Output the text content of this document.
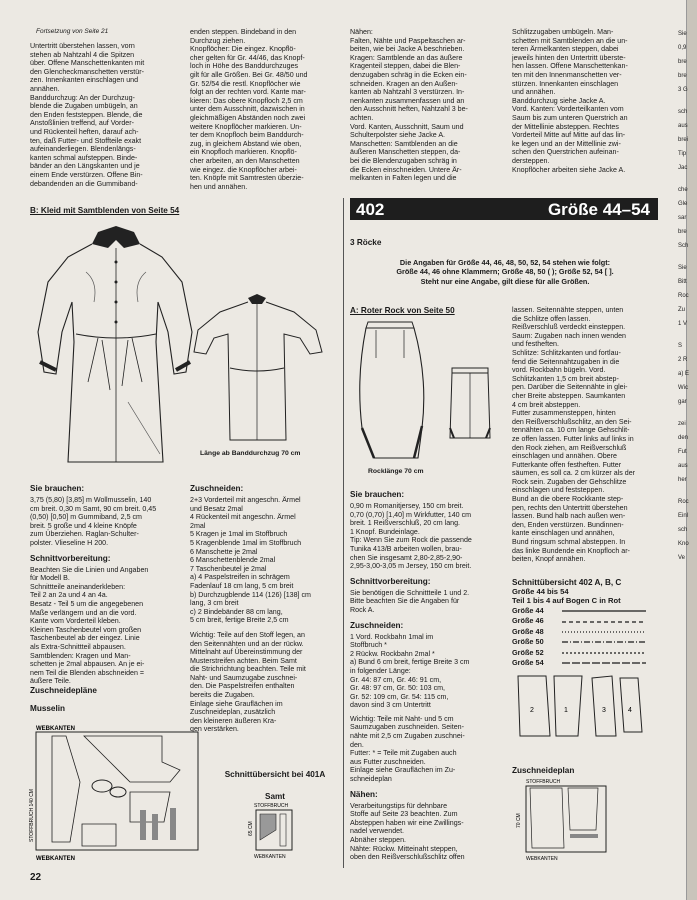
Fortsetzung von Seite 21

Untertritt überstehen lassen, vorn

stehen ab Nahtzahl 4 die Spitzen

über. Offene Manschettenkanten mit

den Glencheckmanschetten verstür-

zen. Innenkanten einschlagen und

annähen.

Banddurchzug: An der Durchzug-

blende die Zugaben umbügeln, an

den Enden feststeppen. Blende, die

Anstoßlinien treffend, auf Vorder-

und Rückenteil heften, darauf ach-

ten, daß Futter- und Stoffteile exakt

aufeinanderliegen. Blendenlängs-

kanten schmal aufsteppen. Binde-

bänder an den Längskanten und je

einem Ende verstürzen. Offene Bin-

debandenden an die Gummiband-

enden steppen. Bindeband in den

Durchzug ziehen.

Knopflöcher: Die eingez. Knopflö-

cher gelten für Gr. 44/46, das Knopf-

loch in Höhe des Banddurchzuges

gilt für alle Größen. Bei Gr. 48/50 und

Gr. 52/54 die restl. Knopflöcher wie

folgt an der rechten vord. Kante mar-

kieren: Das obere Knopfloch 2,5 cm

unter dem Ausschnitt, dazwischen in

gleichmäßigen Abständen noch zwei

weitere Knopflöcher markieren. Un-

ter dem Knopfloch beim Banddurch-

zug, in gleichem Abstand wie oben,

ein Knopfloch markieren. Knopflö-

cher arbeiten, an den Manschetten

wie eingez. die Knopflöcher arbei-

ten. Knöpfe mit Samtresten überzie-

hen und annähen.

Nähen:

Falten, Nähte und Paspeltaschen ar-

beiten, wie bei Jacke A beschrieben.

Kragen: Samtblende an das äußere

Kragenteil steppen, dabei die Blen-

denzugaben schräg in die Ecken ein-

schneiden. Kragen an den Außen-

kanten ab Nahtzahl 3 verstürzen. In-

nenkanten zusammenfassen und an

den Ausschnitt heften, Nahtzahl 3 be-

achten.

Vord. Kanten, Ausschnitt, Saum und

Schulterpolster siehe Jacke A.

Manschetten: Samtblenden an die

äußeren Manschetten steppen, da-

bei die Blendenzugaben schräg in

die Ecken einschneiden. Untere Är-

melkanten in Falten legen und die

Schlitzzugaben umbügeln. Man-

schetten mit Samtblenden an die un-

teren Ärmelkanten steppen, dabei

jeweils hinten den Untertritt überste-

hen lassen. Offene Manschettenkan-

ten mit den Innenmanschetten ver-

stürzen. Innenkanten einschlagen

und annähen.

Banddurchzug siehe Jacke A.

Vord. Kanten: Vorderteilkanten vom

Saum bis zum unteren Querstrich an

der Mittellinie absteppen. Rechtes

Vorderteil Mitte auf Mitte auf das lin-

ke legen und an der Mittellinie zwi-

schen den Querstrichen aufeinan-

dersteppen.

Knopflöcher arbeiten siehe Jacke A.

B: Kleid mit Samtblenden von Seite 54
Länge ab Banddurchzug 70 cm
Sie brauchen:

3,75 (5,80) [3,85] m Wollmusselin, 140

cm breit. 0,30 m Samt, 90 cm breit. 0,45

(0,50) [0,50] m Gummiband, 2,5 cm

breit. 5 große und 4 kleine Knöpfe

zum Überziehen. Raglan-Schulter-

polster. Vlieseline H 200.

Schnittvorbereitung:

Beachten Sie die Linien und Angaben

für Modell B.

Schnittteile aneinanderkleben:

Teil 2 an 2a und 4 an 4a.

Besatz - Teil 5 um die angegebenen

Maße verlängern und an die vord.

Kante vom Vorderteil kleben.

Kleinen Taschenbeutel vom großen

Taschenbeutel ab der eingez. Linie

als Extra-Schnittteil abpausen.

Samtblenden: Kragen und Man-

schetten je 2mal abpausen. An je ei-

nem Teil die Blenden abschneiden =

äußere Teile.

Zuschneiden:

2+3 Vorderteil mit angeschn. Ärmel

und Besatz 2mal

4 Rückenteil mit angeschn. Ärmel

2mal

5 Kragen je 1mal im Stoffbruch

5 Kragenblende 1mal im Stoffbruch

6 Manschette je 2mal

6 Manschettenblende 2mal

7 Taschenbeutel je 2mal

a) 4 Paspelstreifen in schrägem

Fadenlauf 18 cm lang, 5 cm breit

b) Durchzugblende 114 (126) [138] cm

lang, 3 cm breit

c) 2 Bindebänder 88 cm lang,

5 cm breit, fertige Breite 2,5 cm

Wichtig: Teile auf den Stoff legen, an

den Seitennähten und an der rückw.

Mittelnaht auf Übereinstimmung der

Musterstreifen achten. Beim Samt

die Strichrichtung beachten. Teile mit

Naht- und Saumzugabe zuschnei-

den. Die Paspelstreifen enthalten

bereits die Zugaben.

Einlage siehe Grauflächen im

Zuschneideplan, zusätzlich

den kleineren äußeren Kra-

gen verstärken.

Zuschneidepläne
Musselin
WEBKANTEN
STOFFBRUCH 140 CM
WEBKANTEN
Schnittübersicht bei 401A
Samt
STOFFBRUCH
65 CM
WEBKANTEN
402	Größe 44–54
3 Röcke

Die Angaben für Größe 44, 46, 48, 50, 52, 54 stehen wie folgt:

Größe 44, 46 ohne Klammern; Größe 48, 50 ( ); Größe 52, 54 [ ].

Steht nur eine Angabe, gilt diese für alle Größen.

A: Roter Rock von Seite 50
Rocklänge 70 cm
Sie brauchen:

0,90 m Romanitjersey, 150 cm breit.

0,70 (0,70) [1,40] m Wirkfutter, 140 cm

breit. 1 Reißverschluß, 20 cm lang.

1 Knopf. Bundeinlage.

Tip: Wenn Sie zum Rock die passende

Tunika 413/B arbeiten wollen, brau-

chen Sie insgesamt 2,80-2,85-2,90-

2,95-3,00-3,05 m Jersey, 150 cm breit.

Schnittvorbereitung:

Sie benötigen die Schnittteile 1 und 2.

Bitte beachten Sie die Angaben für

Rock A.

Zuschneiden:

1 Vord. Rockbahn 1mal im

Stoffbruch *

2 Rückw. Rockbahn 2mal *

a) Bund 6 cm breit, fertige Breite 3 cm

in folgender Länge:

Gr. 44: 87 cm, Gr. 46: 91 cm,

Gr. 48: 97 cm, Gr. 50: 103 cm,

Gr. 52: 109 cm, Gr. 54: 115 cm,

davon sind 3 cm Untertritt

Wichtig: Teile mit Naht- und 5 cm

Saumzugaben zuschneiden. Seiten-

nähte mit 2,5 cm Zugaben zuschnei-

den.

Futter: * = Teile mit Zugaben auch

aus Futter zuschneiden.

Einlage siehe Grauflächen im Zu-

schneideplan

Nähen:

Verarbeitungstips für dehnbare

Stoffe auf Seite 23 beachten. Zum

Absteppen haben wir eine Zwillings-

nadel verwendet.

Abnäher steppen.

Nähte: Rückw. Mitteinaht steppen,

oben den Reißverschlußschlitz offen

lassen. Seitennähte steppen, unten

die Schlitze offen lassen.

Reißverschluß verdeckt einsteppen.

Saum: Zugaben nach innen wenden

und festheften.

Schlitze: Schlitzkanten und fortlau-

fend die Seitennahtzugaben in die

vord. Rockbahn bügeln. Vord.

Schlitzkanten 1,5 cm breit abstep-

pen. Darüber die Seitennähte in glei-

cher Breite absteppen. Saumkanten

4 cm breit absteppen.

Futter zusammensteppen, hinten

den Reißverschlußschlitz, an den Sei-

tennähten ca. 10 cm lange Gehschlit-

ze offen lassen. Futter links auf links in

den Rock ziehen, am Reißverschluß

einschlagen und annähen. Obere

Futterkante offen festheften. Futter

säumen, es soll ca. 2 cm kürzer als der

Rock sein. Zugaben der Gehschlitze

einschlagen und feststeppen.

Bund an die obere Rockkante step-

pen, rechts den Untertritt überstehen

lassen. Bund halb nach außen wen-

den, Enden verstürzen. Bundinnen-

kante einschlagen und annähen,

Bund ringsum schmal absteppen. In

das linke Bundende ein Knopfloch ar-

beiten, Knopf annähen.

Schnittübersicht 402 A, B, C
Größe 44 bis 54
Teil 1 bis 4 auf Bogen C in Rot
Größe 44
Größe 46
Größe 48
Größe 50
Größe 52
Größe 54
2	1	3	4
Zuschneideplan
STOFFBRUCH
70 CM
WEBKANTEN
22
Sie
0,9
bre
bre
3 G
sch
aus
brei
Tip
Jac
che
Gle
sar
bre
Sch
Sie
Bitt
Roc
Zu
1 V
S
2 R
a) E
Wic
gar
zei
den
Fut
aus
her
Roc
Einl
sch
Kno
Ve
